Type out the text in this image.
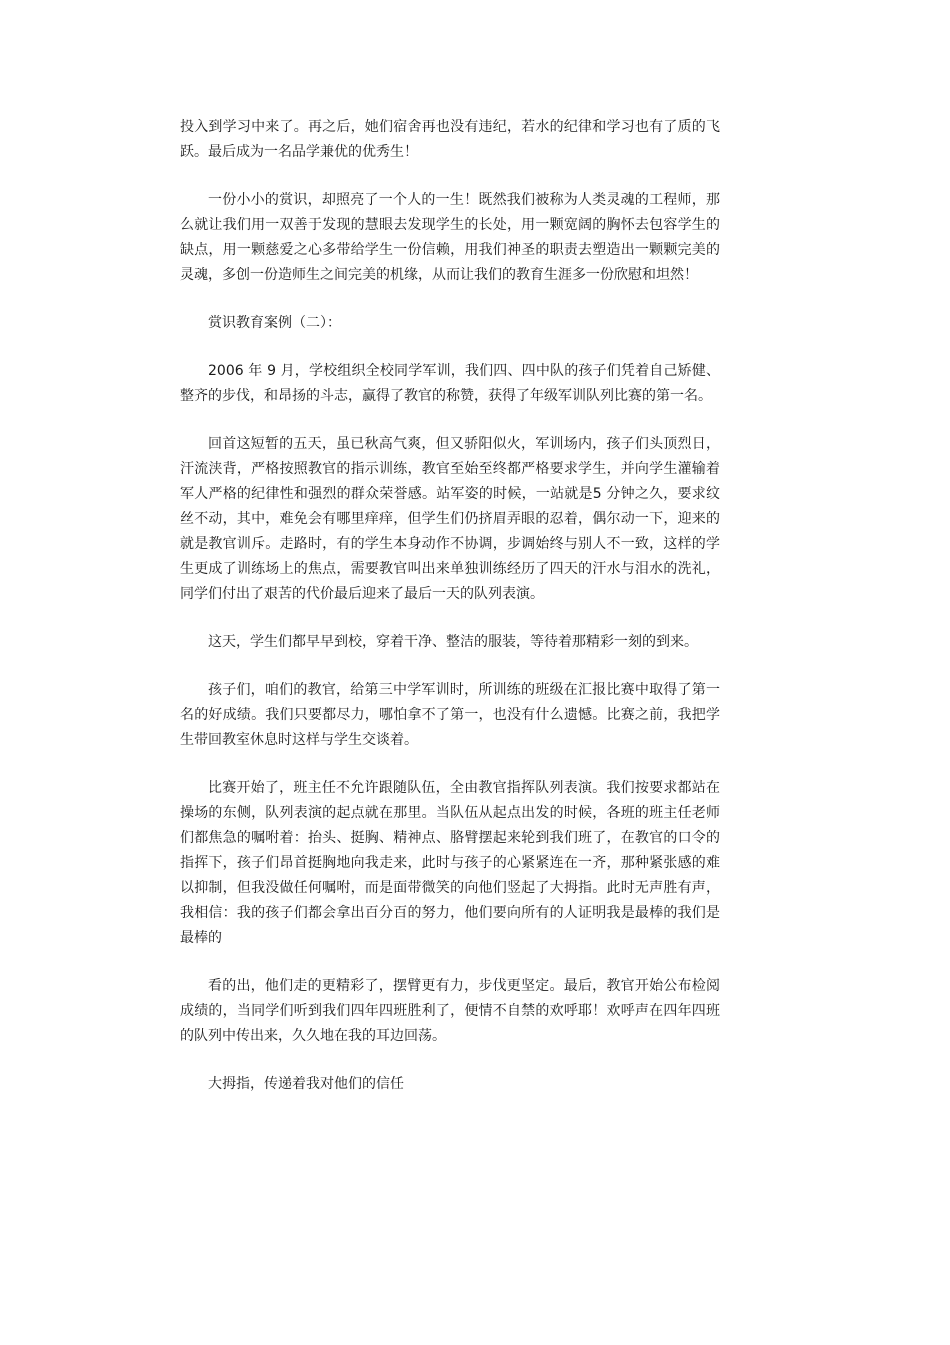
投入到学习中来了。再之后，她们宿舍再也没有违纪，若水的纪律和学习也有了质的飞跃。最后成为一名品学兼优的优秀生！

一份小小的赏识，却照亮了一个人的一生！既然我们被称为人类灵魂的工程师，那么就让我们用一双善于发现的慧眼去发现学生的长处，用一颗宽阔的胸怀去包容学生的缺点，用一颗慈爱之心多带给学生一份信赖，用我们神圣的职责去塑造出一颗颗完美的灵魂，多创一份造师生之间完美的机缘，从而让我们的教育生涯多一份欣慰和坦然！

赏识教育案例（二）：

2006 年 9 月，学校组织全校同学军训，我们四、四中队的孩子们凭着自己矫健、整齐的步伐，和昂扬的斗志，赢得了教官的称赞，获得了年级军训队列比赛的第一名。

回首这短暂的五天，虽已秋高气爽，但又骄阳似火，军训场内，孩子们头顶烈日，汗流浃背，严格按照教官的指示训练，教官至始至终都严格要求学生，并向学生灌输着军人严格的纪律性和强烈的群众荣誉感。站军姿的时候，一站就是5 分钟之久，要求纹丝不动，其中，难免会有哪里痒痒，但学生们仍挤眉弄眼的忍着，偶尔动一下，迎来的就是教官训斥。走路时，有的学生本身动作不协调，步调始终与别人不一致，这样的学生更成了训练场上的焦点，需要教官叫出来单独训练经历了四天的汗水与泪水的洗礼，同学们付出了艰苦的代价最后迎来了最后一天的队列表演。

这天，学生们都早早到校，穿着干净、整洁的服装，等待着那精彩一刻的到来。

孩子们，咱们的教官，给第三中学军训时，所训练的班级在汇报比赛中取得了第一名的好成绩。我们只要都尽力，哪怕拿不了第一，也没有什么遗憾。比赛之前，我把学生带回教室休息时这样与学生交谈着。

比赛开始了，班主任不允许跟随队伍，全由教官指挥队列表演。我们按要求都站在操场的东侧，队列表演的起点就在那里。当队伍从起点出发的时候，各班的班主任老师们都焦急的嘱咐着：抬头、挺胸、精神点、胳臂摆起来轮到我们班了，在教官的口令的指挥下，孩子们昂首挺胸地向我走来，此时与孩子的心紧紧连在一齐，那种紧张感的难以抑制，但我没做任何嘱咐，而是面带微笑的向他们竖起了大拇指。此时无声胜有声，我相信：我的孩子们都会拿出百分百的努力，他们要向所有的人证明我是最棒的我们是最棒的

看的出，他们走的更精彩了，摆臂更有力，步伐更坚定。最后，教官开始公布检阅成绩的，当同学们听到我们四年四班胜利了，便情不自禁的欢呼耶！欢呼声在四年四班的队列中传出来，久久地在我的耳边回荡。

大拇指，传递着我对他们的信任
